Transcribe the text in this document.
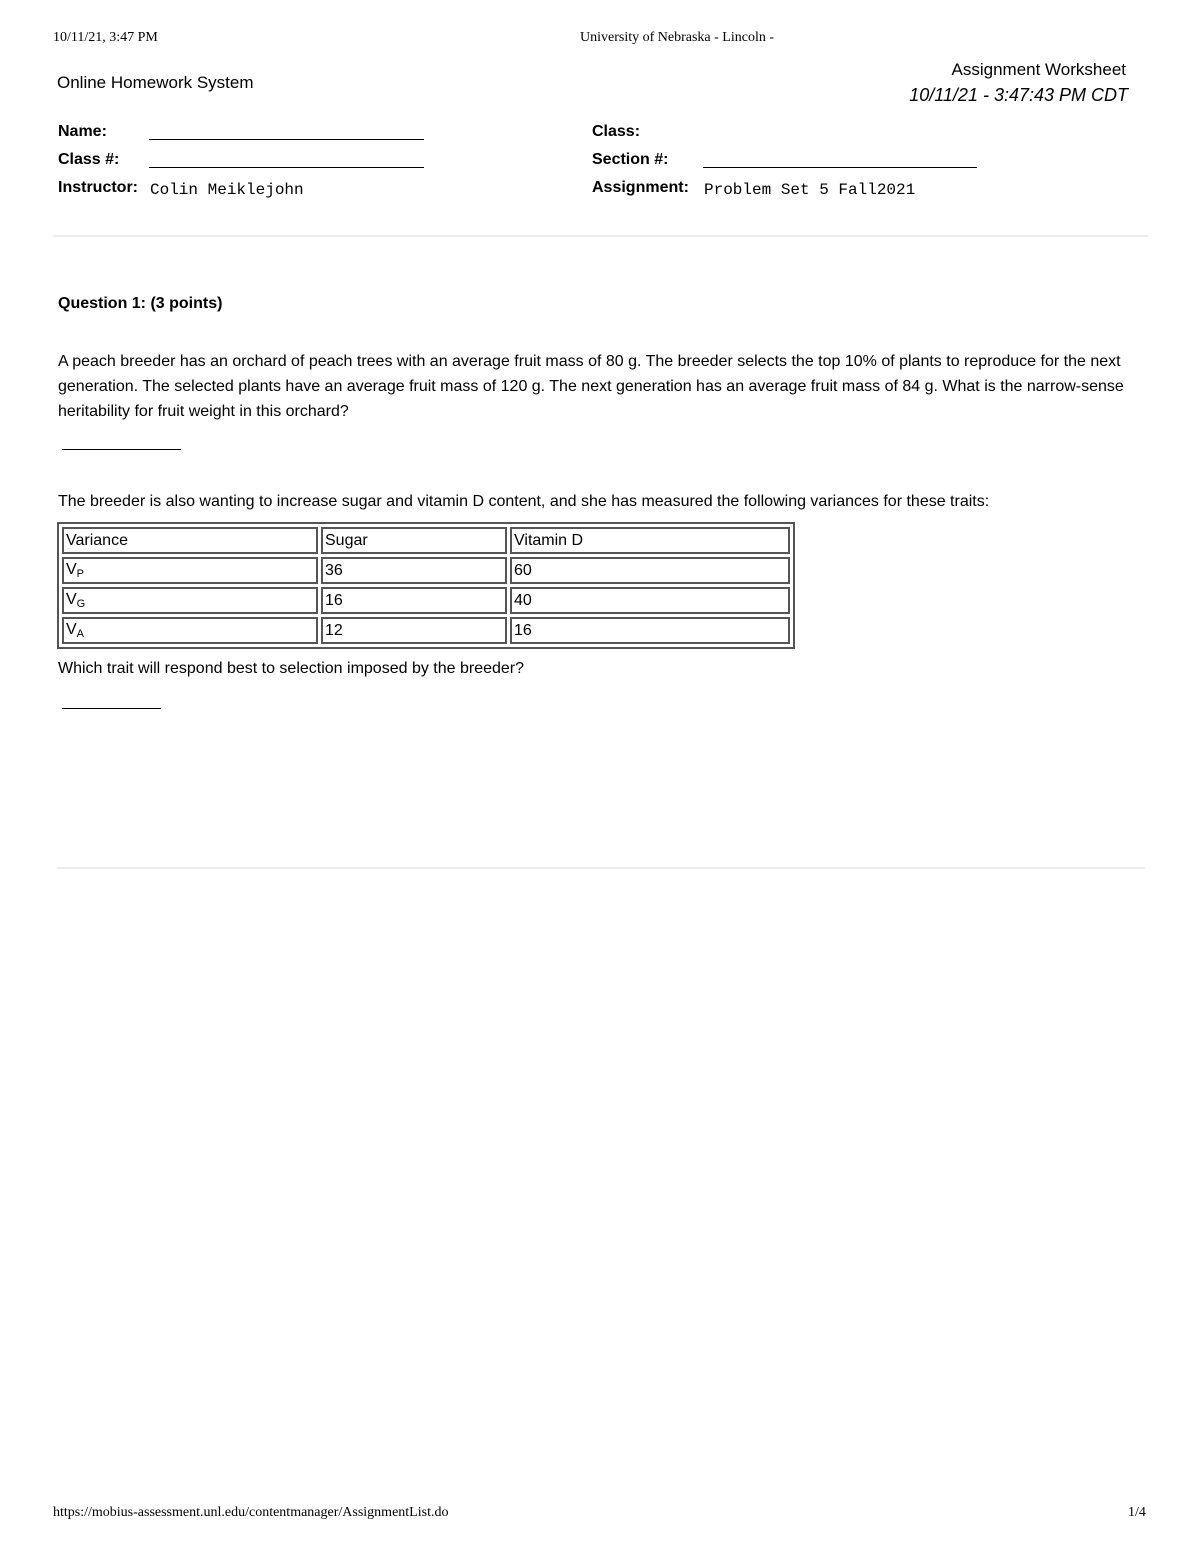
10/11/21, 3:47 PM	University of Nebraska - Lincoln -
Online Homework System
Assignment Worksheet
10/11/21 - 3:47:43 PM CDT
Name:
Class #:
Instructor: Colin Meiklejohn
Class:
Section #:
Assignment: Problem Set 5 Fall2021
Question 1: (3 points)
A peach breeder has an orchard of peach trees with an average fruit mass of 80 g. The breeder selects the top 10% of plants to reproduce for the next generation. The selected plants have an average fruit mass of 120 g. The next generation has an average fruit mass of 84 g. What is the narrow-sense heritability for fruit weight in this orchard?
The breeder is also wanting to increase sugar and vitamin D content, and she has measured the following variances for these traits:
Variance	Sugar	Vitamin D
$V_P$	36	60
$V_G$	16	40
$V_A$	12	16
Which trait will respond best to selection imposed by the breeder?
https://mobius-assessment.unl.edu/contentmanager/AssignmentList.do	1/4
